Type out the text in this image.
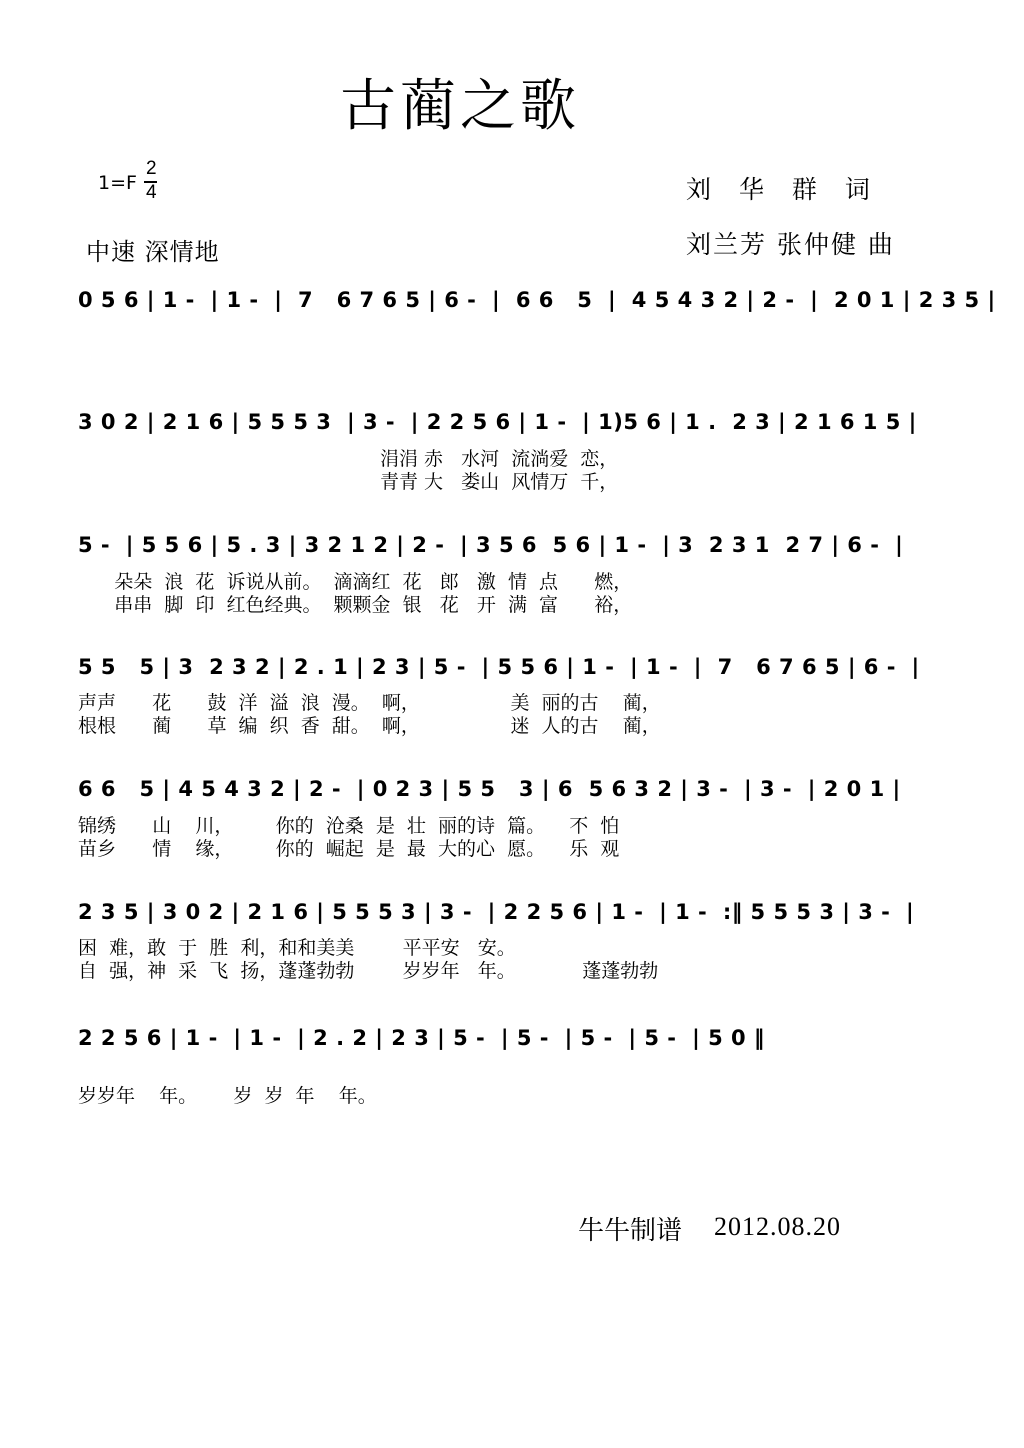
古蔺之歌
1=F
2
4	刘 华 群 词
刘兰芳 张仲健 曲
中速 深情地
0 5 6 | 1 -  | 1 -  |  7   6 7 6 5 | 6 -  |  6 6   5  |  4 5 4 3 2 | 2 -  |  2 0 1 | 2 3 5 |
3 0 2 | 2 1 6 | 5 5 5 3  | 3 -  | 2 2 5 6 | 1 -  | 1)5 6 | 1 .  2 3 | 2 1 6 1 5 |
涓涓 赤   水河  流淌爱  恋，
青青 大   娄山  风情万  千，
5 -  | 5 5 6 | 5 . 3 | 3 2 1 2 | 2 -  | 3 5 6  5 6 | 1 -  | 3  2 3 1  2 7 | 6 -  |
朵朵  浪  花  诉说从前。  滴滴红  花   郎   激  情  点      燃，
串串  脚  印  红色经典。  颗颗金  银   花   开  满  富      裕，
5 5   5 | 3  2 3 2 | 2 . 1 | 2 3 | 5 -  | 5 5 6 | 1 -  | 1 -  |  7   6 7 6 5 | 6 -  |
声声      花      鼓  洋  溢  浪  漫。  啊，               美  丽的古    蔺，
根根      蔺      草  编  织  香  甜。  啊，               迷  人的古    蔺，
6 6   5 | 4 5 4 3 2 | 2 -  | 0 2 3 | 5 5   3 | 6  5 6 3 2 | 3 -  | 3 -  | 2 0 1 |
锦绣      山    川，       你的  沧桑  是  壮  丽的诗  篇。    不  怕
苗乡      情    缘，       你的  崛起  是  最  大的心  愿。    乐  观
2 3 5 | 3 0 2 | 2 1 6 | 5 5 5 3 | 3 -  | 2 2 5 6 | 1 -  | 1 -  :‖ 5 5 5 3 | 3 -  |
困  难，敢  于  胜  利，和和美美        平平安   安。
自  强，神  采  飞  扬，蓬蓬勃勃        岁岁年   年。           蓬蓬勃勃
2 2 5 6 | 1 -  | 1 -  | 2 . 2 | 2 3 | 5 -  | 5 -  | 5 -  | 5 -  | 5 0 ‖
岁岁年    年。      岁  岁  年    年。
牛牛制谱 2012.08.20
